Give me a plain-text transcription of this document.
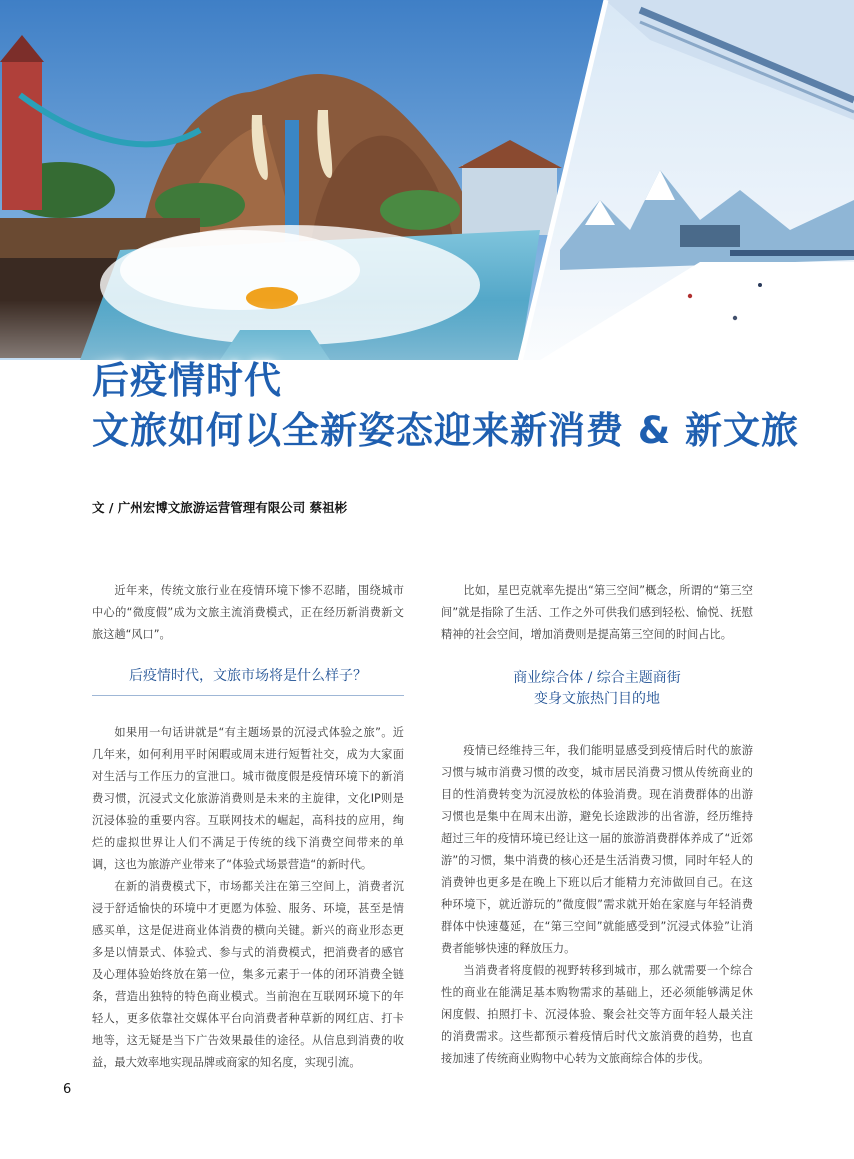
后疫情时代
文旅如何以全新姿态迎来新消费 & 新文旅
文 / 广州宏博文旅游运营管理有限公司 蔡祖彬

近年来，传统文旅行业在疫情环境下惨不忍睹，围绕城市中心的“微度假”成为文旅主流消费模式，正在经历新消费新文旅这趟“风口”。

后疫情时代，文旅市场将是什么样子？

如果用一句话讲就是“有主题场景的沉浸式体验之旅”。近几年来，如何利用平时闲暇或周末进行短暂社交，成为大家面对生活与工作压力的宣泄口。城市微度假是疫情环境下的新消费习惯，沉浸式文化旅游消费则是未来的主旋律，文化IP则是沉浸体验的重要内容。互联网技术的崛起，高科技的应用，绚烂的虚拟世界让人们不满足于传统的线下消费空间带来的单调，这也为旅游产业带来了“体验式场景营造“的新时代。

在新的消费模式下，市场都关注在第三空间上，消费者沉浸于舒适愉快的环境中才更愿为体验、服务、环境，甚至是情感买单，这是促进商业体消费的横向关键。新兴的商业形态更多是以情景式、体验式、参与式的消费模式，把消费者的感官及心理体验始终放在第一位，集多元素于一体的闭环消费全链条，营造出独特的特色商业模式。当前泡在互联网环境下的年轻人，更多依靠社交媒体平台向消费者种草新的网红店、打卡地等，这无疑是当下广告效果最佳的途径。从信息到消费的收益，最大效率地实现品牌或商家的知名度，实现引流。

比如，星巴克就率先提出“第三空间”概念，所谓的“第三空间”就是指除了生活、工作之外可供我们感到轻松、愉悦、抚慰精神的社会空间，增加消费则是提高第三空间的时间占比。

商业综合体 / 综合主题商街
变身文旅热门目的地

疫情已经维持三年，我们能明显感受到疫情后时代的旅游习惯与城市消费习惯的改变，城市居民消费习惯从传统商业的目的性消费转变为沉浸放松的体验消费。现在消费群体的出游习惯也是集中在周末出游，避免长途跋涉的出省游，经历维持超过三年的疫情环境已经让这一届的旅游消费群体养成了“近郊游”的习惯，集中消费的核心还是生活消费习惯，同时年轻人的消费钟也更多是在晚上下班以后才能精力充沛做回自己。在这种环境下，就近游玩的”微度假”需求就开始在家庭与年轻消费群体中快速蔓延，在“第三空间”就能感受到”沉浸式体验”让消费者能够快速的释放压力。

当消费者将度假的视野转移到城市，那么就需要一个综合性的商业在能满足基本购物需求的基础上，还必须能够满足休闲度假、拍照打卡、沉浸体验、聚会社交等方面年轻人最关注的消费需求。这些都预示着疫情后时代文旅消费的趋势，也直接加速了传统商业购物中心转为文旅商综合体的步伐。

6
